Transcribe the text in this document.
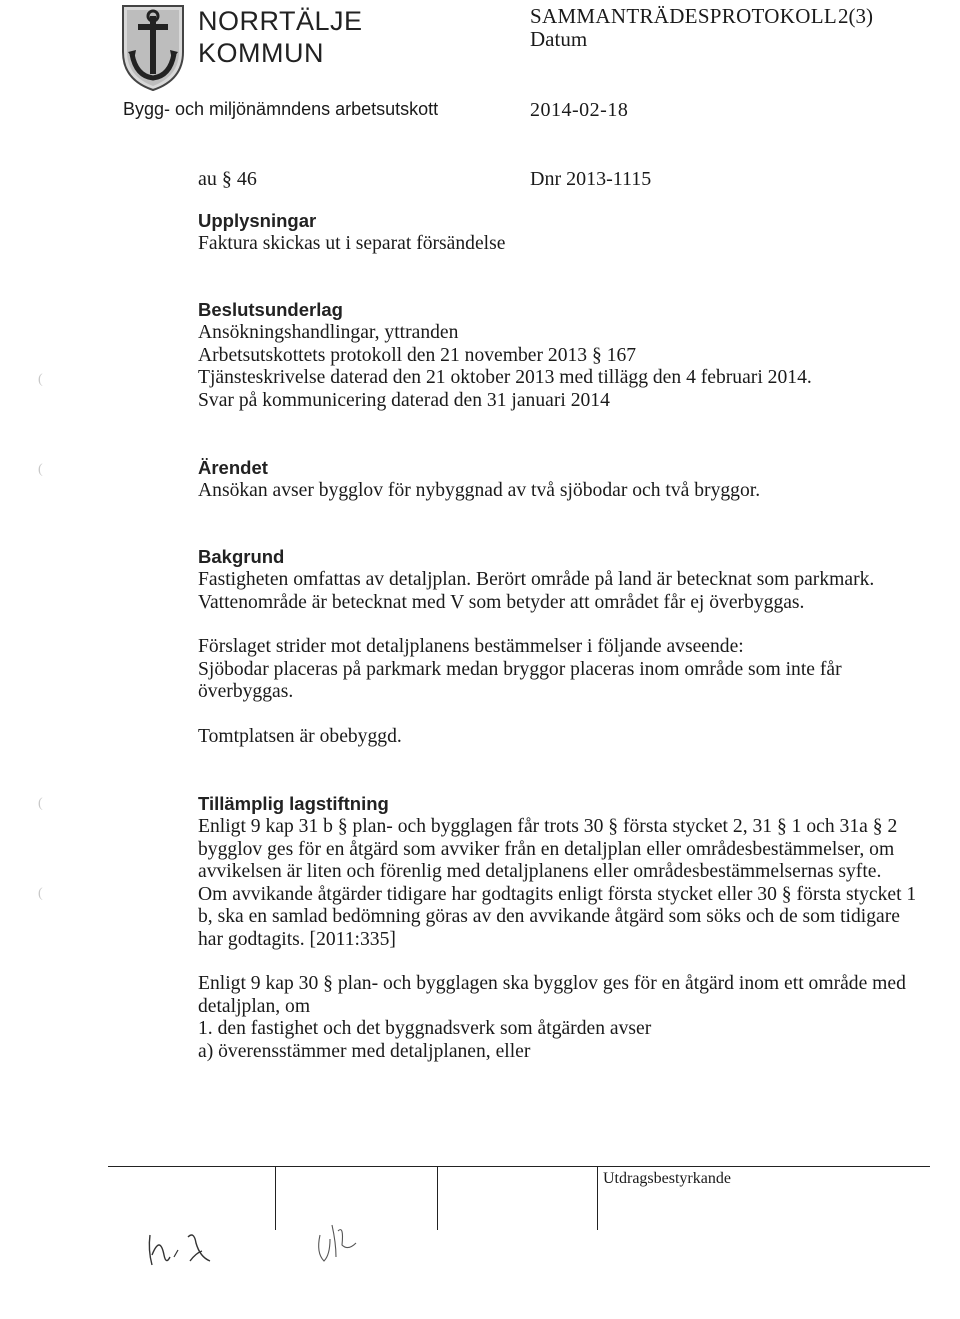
NORRTÄLJE
KOMMUN
SAMMANTRÄDESPROTOKOLL 2(3)
Datum
Bygg- och miljönämndens arbetsutskott	2014-02-18
au § 46	Dnr 2013-1115
Upplysningar
Faktura skickas ut i separat försändelse
Beslutsunderlag
Ansökningshandlingar, yttranden
Arbetsutskottets protokoll den 21 november 2013 § 167
Tjänsteskrivelse daterad den 21 oktober 2013 med tillägg den 4 februari 2014.
Svar på kommunicering daterad den 31 januari 2014
Ärendet
Ansökan avser bygglov för nybyggnad av två sjöbodar och två bryggor.
Bakgrund
Fastigheten omfattas av detaljplan. Berört område på land är betecknat som parkmark.
Vattenområde är betecknat med V som betyder att området får ej överbyggas.
Förslaget strider mot detaljplanens bestämmelser i följande avseende:
Sjöbodar placeras på parkmark medan bryggor placeras inom område som inte får
överbyggas.
Tomtplatsen är obebyggd.
Tillämplig lagstiftning
Enligt 9 kap 31 b § plan- och bygglagen får trots 30 § första stycket 2, 31 § 1 och 31a § 2
bygglov ges för en åtgärd som avviker från en detaljplan eller områdesbestämmelser, om
avvikelsen är liten och förenlig med detaljplanens eller områdesbestämmelsernas syfte.
Om avvikande åtgärder tidigare har godtagits enligt första stycket eller 30 § första stycket 1
b, ska en samlad bedömning göras av den avvikande åtgärd som söks och de som tidigare
har godtagits. [2011:335]
Enligt 9 kap 30 § plan- och bygglagen ska bygglov ges för en åtgärd inom ett område med
detaljplan, om
1. den fastighet och det byggnadsverk som åtgärden avser
a) överensstämmer med detaljplanen, eller
Utdragsbestyrkande
(
(
(
(
